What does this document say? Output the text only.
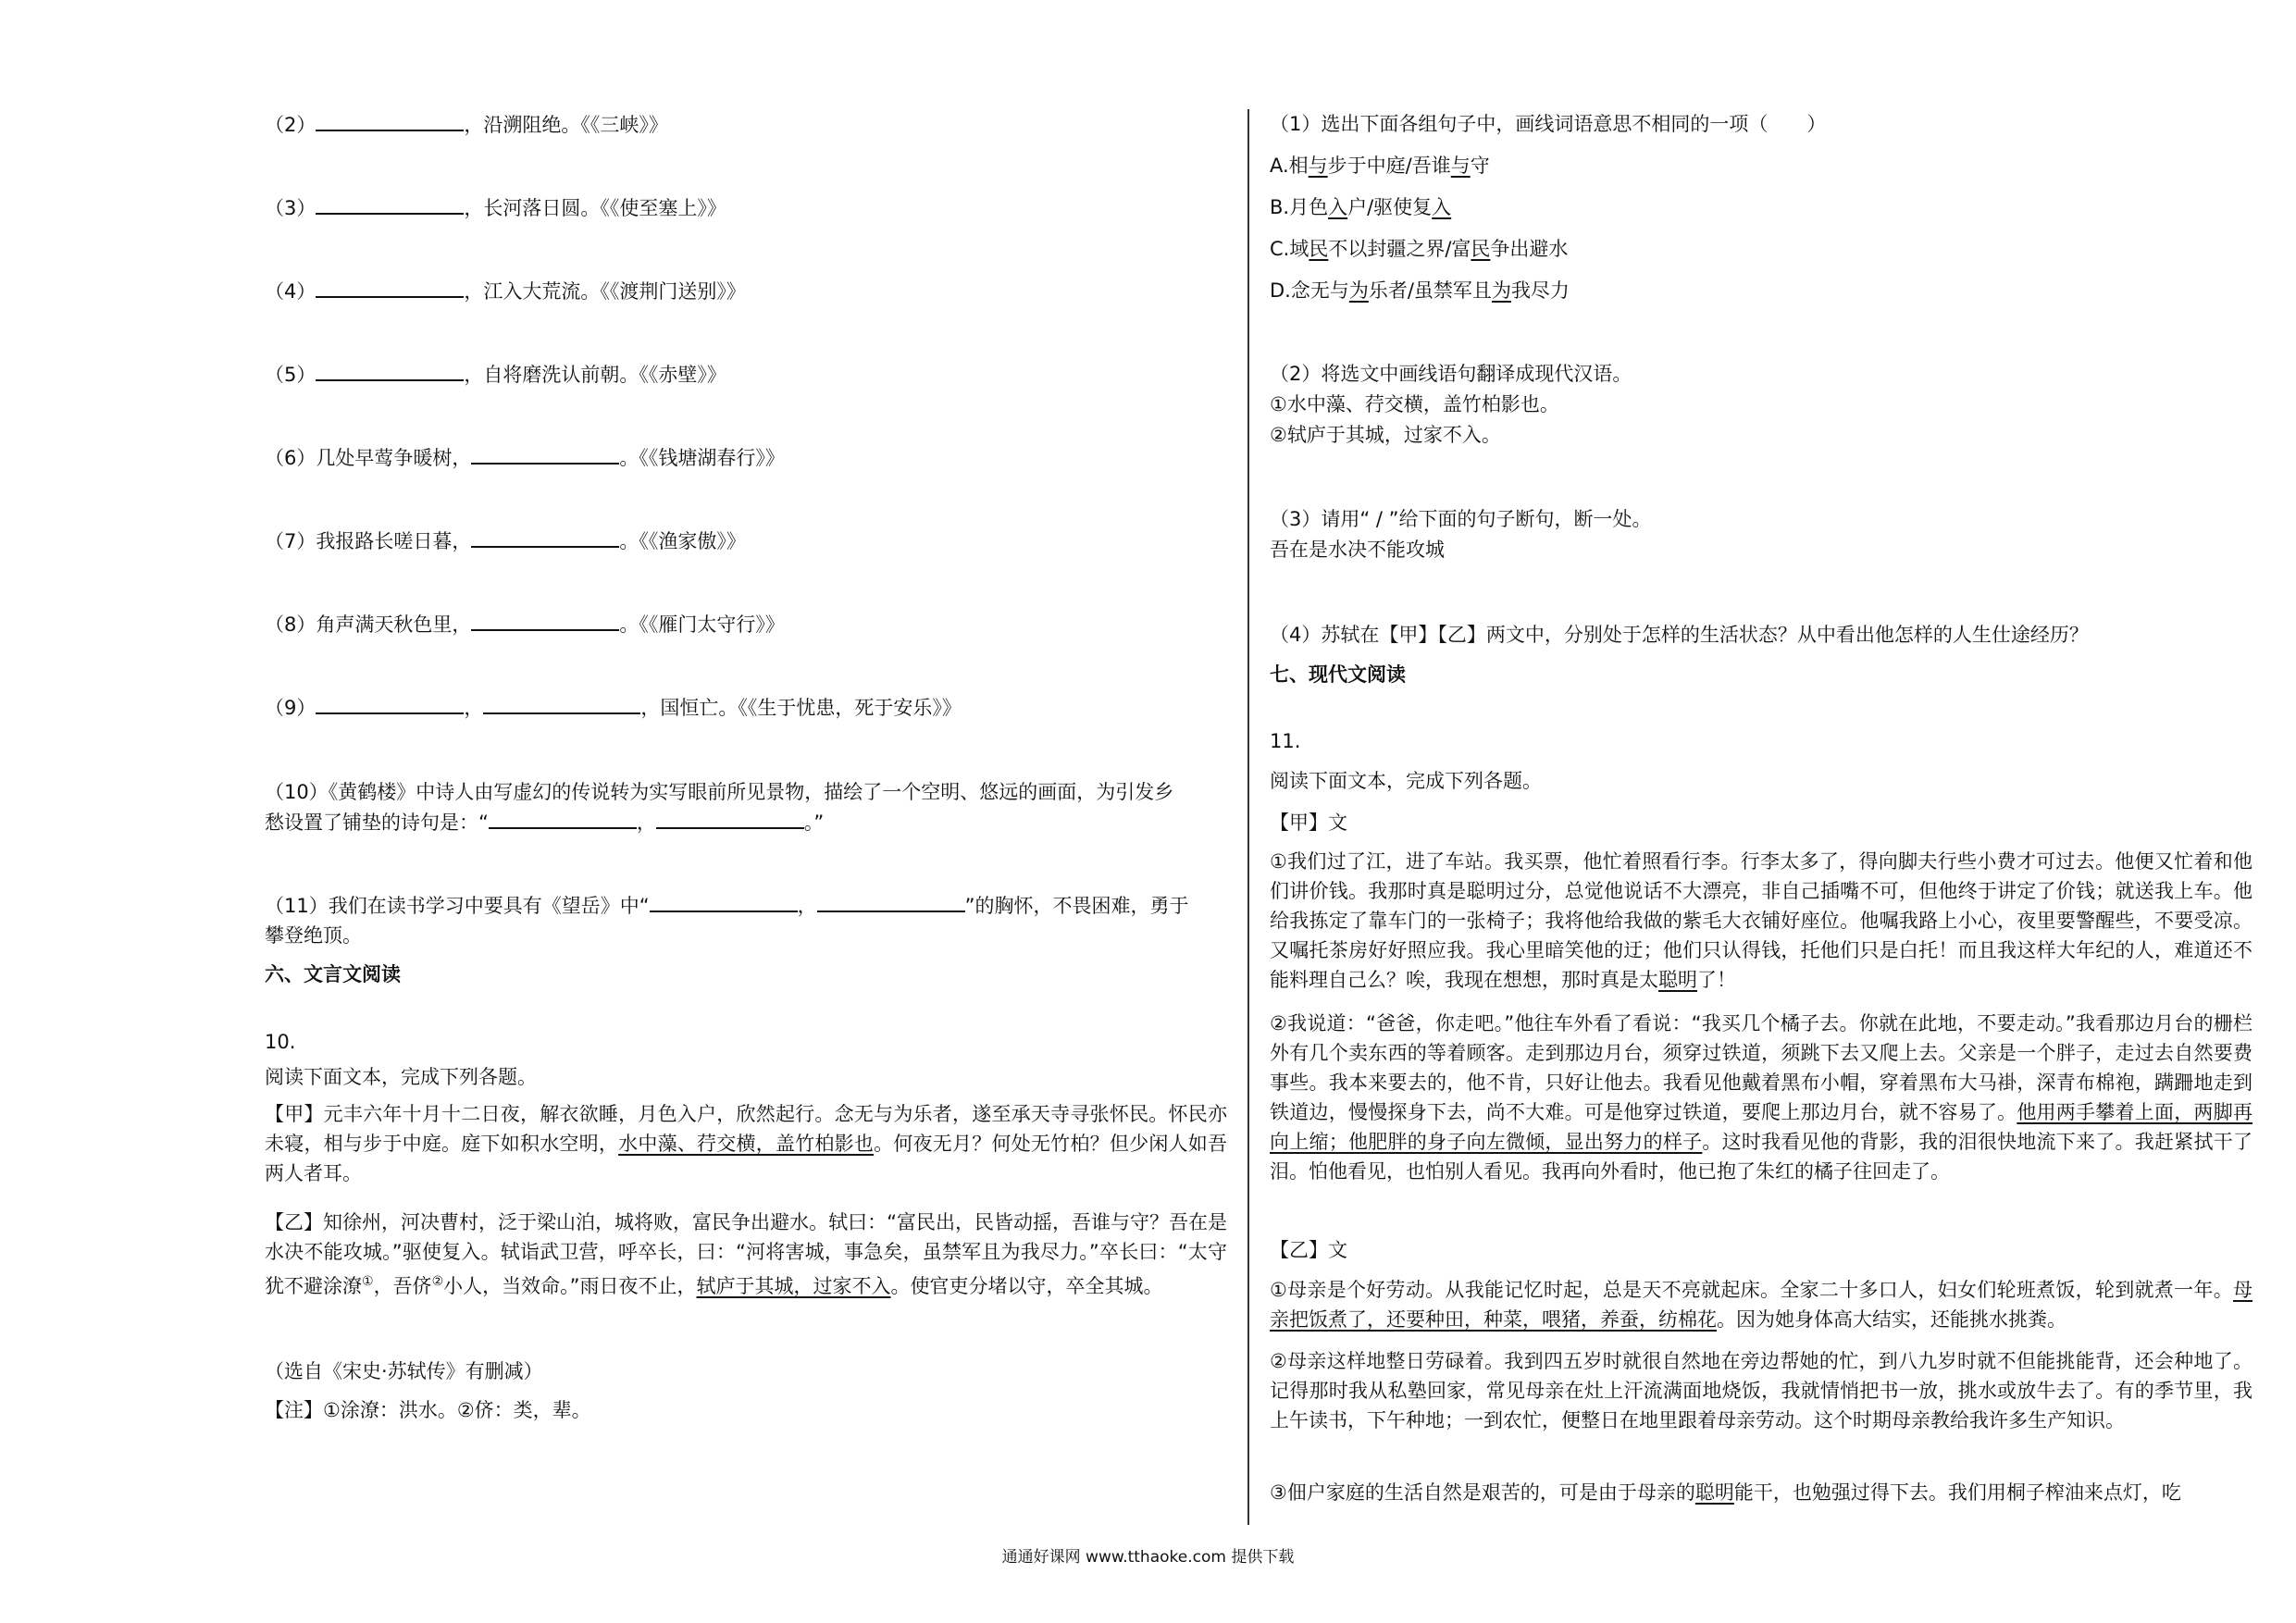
（2）	，沿溯阻绝。《《三峡》》
（3）	，长河落日圆。《《使至塞上》》
（4）	，江入大荒流。《《渡荆门送别》》
（5）	，自将磨洗认前朝。《《赤壁》》
（6）几处早莺争暖树，	。《《钱塘湖春行》》
（7）我报路长嗟日暮，	。《《渔家傲》》
（8）角声满天秋色里，	。《《雁门太守行》》
（9）	，	，国恒亡。《《生于忧患，死于安乐》》
（10）《黄鹤楼》中诗人由写虚幻的传说转为实写眼前所见景物，描绘了一个空明、悠远的画面，为引发乡
愁设置了铺垫的诗句是：“	，	。”
（11）我们在读书学习中要具有《望岳》中“	，	”的胸怀，不畏困难，勇于
攀登绝顶。
六、文言文阅读
10.
阅读下面文本，完成下列各题。
【甲】元丰六年十月十二日夜，解衣欲睡，月色入户，欣然起行。念无与为乐者，遂至承天寺寻张怀民。怀民亦未寝，相与步于中庭。庭下如积水空明，水中藻、荇交横，盖竹柏影也。何夜无月？何处无竹柏？但少闲人如吾两人者耳。
【乙】知徐州，河决曹村，泛于梁山泊，城将败，富民争出避水。轼曰：“富民出，民皆动摇，吾谁与守？吾在是水决不能攻城。”驱使复入。轼诣武卫营，呼卒长，曰：“河将害城，事急矣，虽禁军且为我尽力。”卒长曰：“太守犹不避涂潦①，吾侪②小人，当效命。”雨日夜不止，轼庐于其城，过家不入。使官吏分堵以守，卒全其城。
（选自《宋史·苏轼传》有删减）
【注】①涂潦：洪水。②侪：类，辈。
（1）选出下面各组句子中，画线词语意思不相同的一项（　　）
A.相与步于中庭/吾谁与守
B.月色入户/驱使复入
C.域民不以封疆之界/富民争出避水
D.念无与为乐者/虽禁军且为我尽力
（2）将选文中画线语句翻译成现代汉语。
①水中藻、荇交横，盖竹柏影也。
②轼庐于其城，过家不入。
（3）请用“ / ”给下面的句子断句，断一处。
吾在是水决不能攻城
（4）苏轼在【甲】【乙】两文中，分别处于怎样的生活状态？从中看出他怎样的人生仕途经历？
七、现代文阅读
11.
阅读下面文本，完成下列各题。
【甲】文
①我们过了江，进了车站。我买票，他忙着照看行李。行李太多了，得向脚夫行些小费才可过去。他便又忙着和他们讲价钱。我那时真是聪明过分，总觉他说话不大漂亮，非自己插嘴不可，但他终于讲定了价钱；就送我上车。他给我拣定了靠车门的一张椅子；我将他给我做的紫毛大衣铺好座位。他嘱我路上小心，夜里要警醒些，不要受凉。又嘱托茶房好好照应我。我心里暗笑他的迂；他们只认得钱，托他们只是白托！而且我这样大年纪的人，难道还不能料理自己么？唉，我现在想想，那时真是太聪明了！
②我说道：“爸爸，你走吧。”他往车外看了看说：“我买几个橘子去。你就在此地，不要走动。”我看那边月台的栅栏外有几个卖东西的等着顾客。走到那边月台，须穿过铁道，须跳下去又爬上去。父亲是一个胖子，走过去自然要费事些。我本来要去的，他不肯，只好让他去。我看见他戴着黑布小帽，穿着黑布大马褂，深青布棉袍，蹒跚地走到铁道边，慢慢探身下去，尚不大难。可是他穿过铁道，要爬上那边月台，就不容易了。他用两手攀着上面，两脚再向上缩；他肥胖的身子向左微倾，显出努力的样子。这时我看见他的背影，我的泪很快地流下来了。我赶紧拭干了泪。怕他看见，也怕别人看见。我再向外看时，他已抱了朱红的橘子往回走了。
【乙】文
①母亲是个好劳动。从我能记忆时起，总是天不亮就起床。全家二十多口人，妇女们轮班煮饭，轮到就煮一年。母亲把饭煮了，还要种田，种菜，喂猪，养蚕，纺棉花。因为她身体高大结实，还能挑水挑粪。
②母亲这样地整日劳碌着。我到四五岁时就很自然地在旁边帮她的忙，到八九岁时就不但能挑能背，还会种地了。记得那时我从私塾回家，常见母亲在灶上汗流满面地烧饭，我就情悄把书一放，挑水或放牛去了。有的季节里，我上午读书，下午种地；一到农忙，便整日在地里跟着母亲劳动。这个时期母亲教给我许多生产知识。
③佃户家庭的生活自然是艰苦的，可是由于母亲的聪明能干，也勉强过得下去。我们用桐子榨油来点灯，吃
通通好课网 www.tthaoke.com 提供下载
